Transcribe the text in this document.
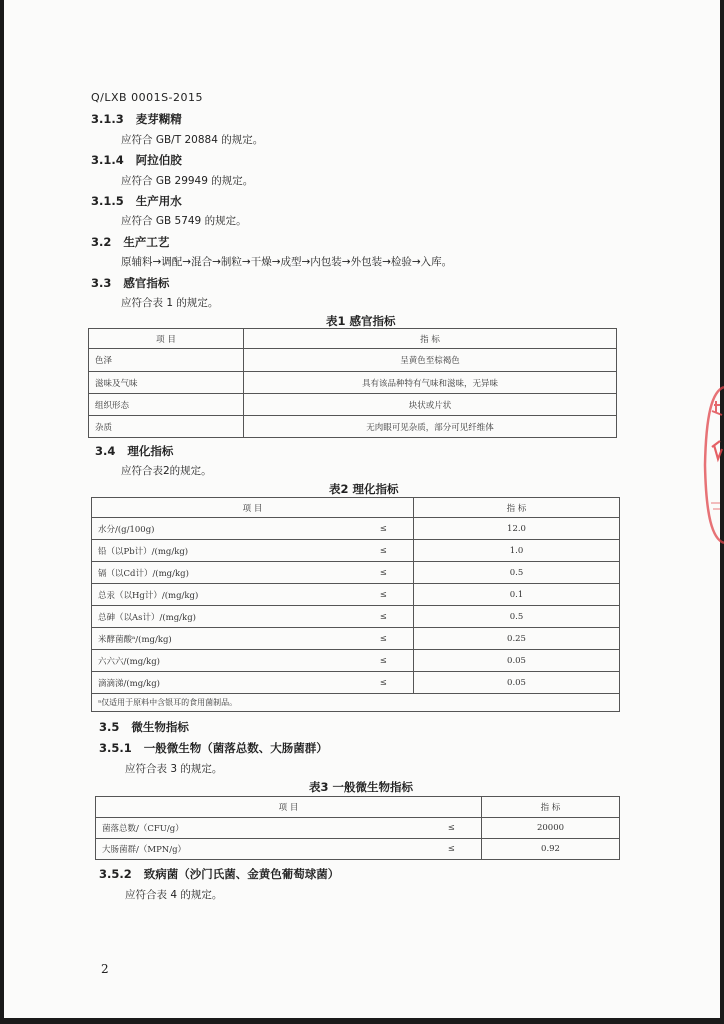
Q/LXB 0001S-2015
3.1.3 麦芽糊精
应符合 GB/T 20884 的规定。
3.1.4 阿拉伯胶
应符合 GB 29949 的规定。
3.1.5 生产用水
应符合 GB 5749 的规定。
3.2 生产工艺
原辅料→调配→混合→制粒→干燥→成型→内包装→外包装→检验→入库。
3.3 感官指标
应符合表 1 的规定。
表1 感官指标
项 目	指 标
色泽	呈黄色至棕褐色
滋味及气味	具有该品种特有气味和滋味，无异味
组织形态	块状或片状
杂质	无肉眼可见杂质，部分可见纤维体
3.4 理化指标
应符合表2的规定。
表2 理化指标
项 目		指 标
水分/(g/100g)	≤	12.0
铅（以Pb计）/(mg/kg)	≤	1.0
镉（以Cd计）/(mg/kg)	≤	0.5
总汞（以Hg计）/(mg/kg)	≤	0.1
总砷（以As计）/(mg/kg)	≤	0.5
米酵菌酸ᵃ/(mg/kg)	≤	0.25
六六六/(mg/kg)	≤	0.05
滴滴涕/(mg/kg)	≤	0.05
ᵃ仅适用于原料中含银耳的食用菌制品。		
3.5 微生物指标
3.5.1 一般微生物（菌落总数、大肠菌群）
应符合表 3 的规定。
表3 一般微生物指标
项 目		指 标
菌落总数/（CFU/g）	≤	20000
大肠菌群/（MPN/g）	≤	0.92
3.5.2 致病菌（沙门氏菌、金黄色葡萄球菌）
应符合表 4 的规定。
2
